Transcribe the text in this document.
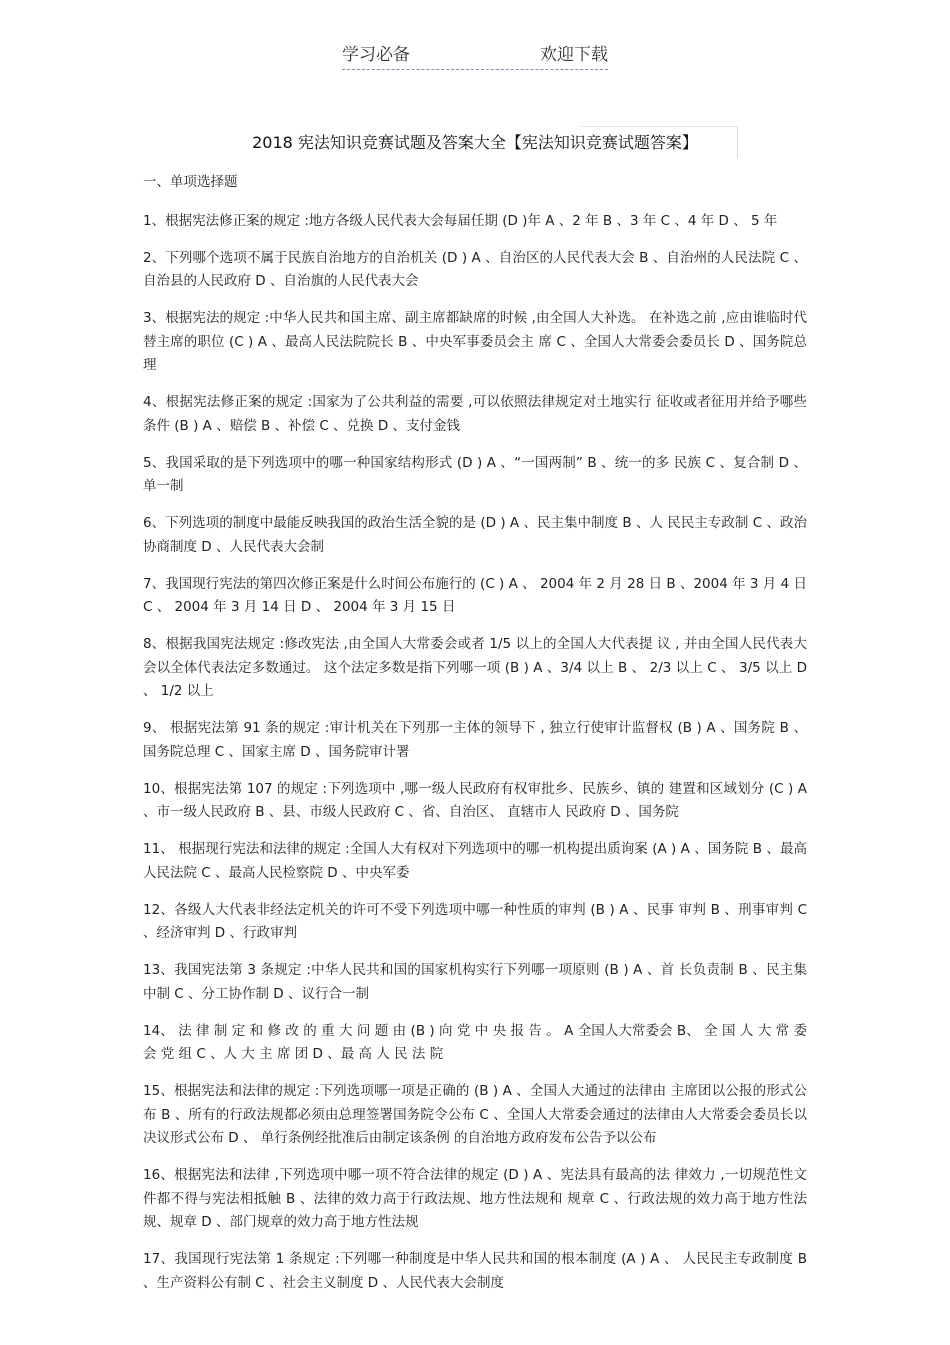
学习必备	欢迎下载
2018 宪法知识竞赛试题及答案大全【宪法知识竞赛试题答案】
一、单项选择题

1、根据宪法修正案的规定 :地方各级人民代表大会每届任期 (D )年 A 、2 年 B 、3 年 C 、4 年 D 、 5 年

2、下列哪个选项不属于民族自治地方的自治机关 (D ) A 、自治区的人民代表大会 B 、自治州的人民法院 C 、自治县的人民政府 D 、自治旗的人民代表大会

3、根据宪法的规定 :中华人民共和国主席、副主席都缺席的时候 ,由全国人大补选。 在补选之前 ,应由谁临时代替主席的职位 (C ) A 、最高人民法院院长 B 、中央军事委员会主 席 C 、全国人大常委会委员长 D 、国务院总理

4、根据宪法修正案的规定 :国家为了公共利益的需要 ,可以依照法律规定对土地实行 征收或者征用并给予哪些条件 (B ) A 、赔偿 B 、补偿 C 、兑换 D 、支付金钱

5、我国采取的是下列选项中的哪一种国家结构形式 (D ) A 、“一国两制” B 、统一的多 民族 C 、复合制 D 、单一制

6、下列选项的制度中最能反映我国的政治生活全貌的是 (D ) A 、民主集中制度 B 、人 民民主专政制 C 、政治协商制度 D 、人民代表大会制

7、我国现行宪法的第四次修正案是什么时间公布施行的 (C ) A 、 2004 年 2 月 28 日 B 、2004 年 3 月 4 日 C 、 2004 年 3 月 14 日 D 、 2004 年 3 月 15 日

8、根据我国宪法规定 :修改宪法 ,由全国人大常委会或者 1/5 以上的全国人大代表提 议 , 并由全国人民代表大会以全体代表法定多数通过。 这个法定多数是指下列哪一项 (B ) A 、3/4 以上 B 、 2/3 以上 C 、 3/5 以上 D 、 1/2 以上

9、 根据宪法第 91 条的规定 :审计机关在下列那一主体的领导下 , 独立行使审计监督权 (B ) A 、国务院 B 、国务院总理 C 、国家主席 D 、国务院审计署

10、根据宪法第 107 的规定 :下列选项中 ,哪一级人民政府有权审批乡、民族乡、镇的 建置和区域划分 (C ) A 、市一级人民政府 B 、县、市级人民政府 C 、省、自治区、 直辖市人 民政府 D 、国务院

11、 根据现行宪法和法律的规定 :全国人大有权对下列选项中的哪一机构提出质询案 (A ) A 、国务院 B 、最高人民法院 C 、最高人民检察院 D 、中央军委

12、各级人大代表非经法定机关的许可不受下列选项中哪一种性质的审判 (B ) A 、民事 审判 B 、刑事审判 C 、经济审判 D 、行政审判

13、我国宪法第 3 条规定 :中华人民共和国的国家机构实行下列哪一项原则 (B ) A 、首 长负责制 B 、民主集中制 C 、分工协作制 D 、议行合一制

14、 法 律 制 定 和 修 改 的 重 大 问 题 由 (B ) 向 党 中 央 报 告 。 A 全国人大常委会 B、 全 国 人 大 常 委 会 党 组 C 、人 大 主 席 团 D 、最 高 人 民 法 院

15、根据宪法和法律的规定 :下列选项哪一项是正确的 (B ) A 、全国人大通过的法律由 主席团以公报的形式公布 B 、所有的行政法规都必须由总理签署国务院令公布 C 、全国人大常委会通过的法律由人大常委会委员长以决议形式公布 D 、 单行条例经批准后由制定该条例 的自治地方政府发布公告予以公布

16、根据宪法和法律 ,下列选项中哪一项不符合法律的规定 (D ) A 、宪法具有最高的法 律效力 ,一切规范性文件都不得与宪法相抵触 B 、法律的效力高于行政法规、地方性法规和 规章 C 、行政法规的效力高于地方性法规、规章 D 、部门规章的效力高于地方性法规

17、我国现行宪法第 1 条规定 :下列哪一种制度是中华人民共和国的根本制度 (A ) A 、 人民民主专政制度 B 、生产资料公有制 C 、社会主义制度 D 、人民代表大会制度
